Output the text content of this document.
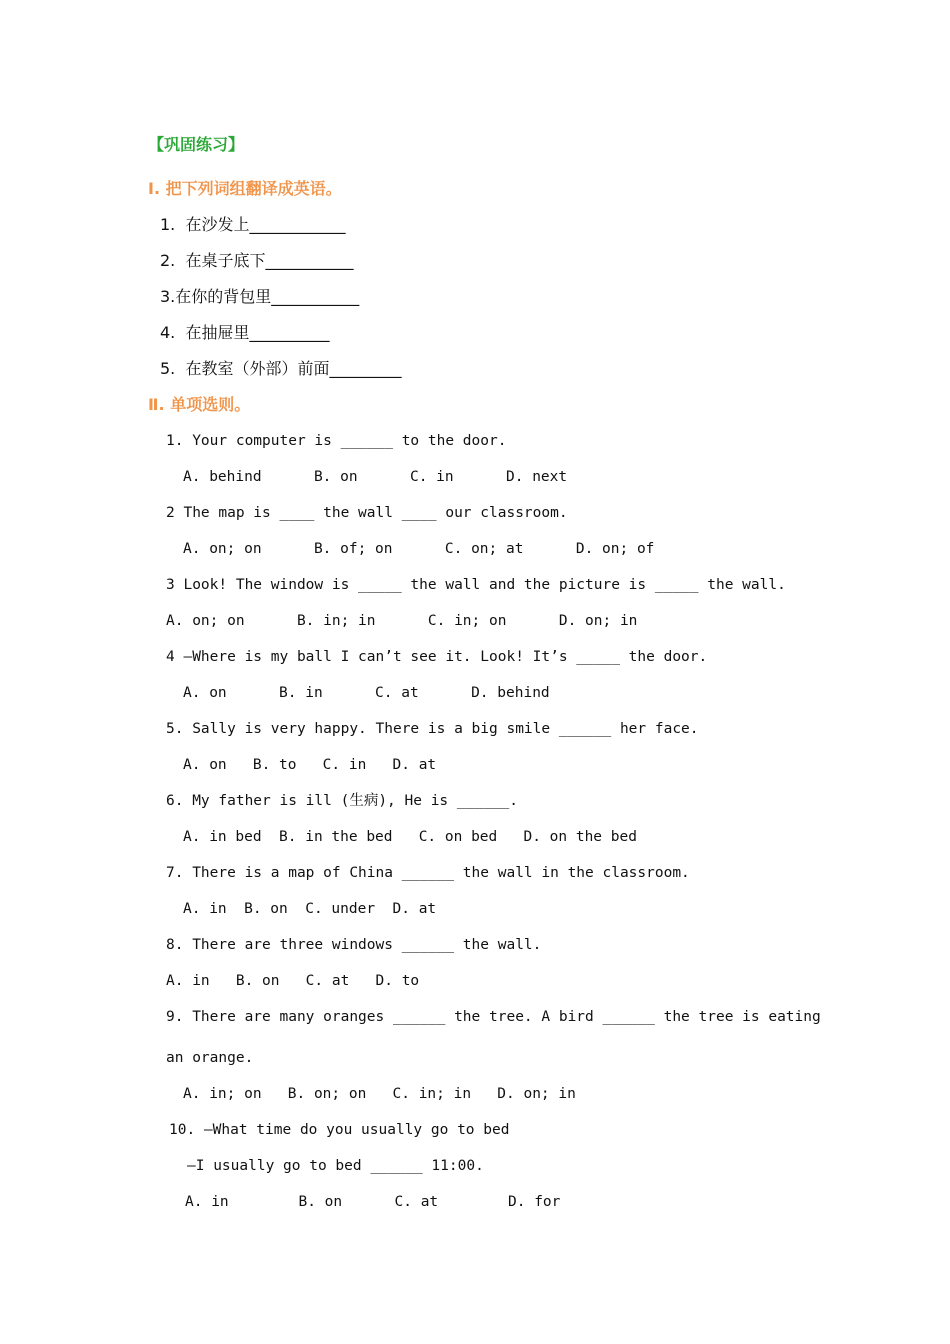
【巩固练习】
Ⅰ. 把下列词组翻译成英语。
1.  在沙发上____________
2.  在桌子底下___________
3.在你的背包里___________
4.  在抽屉里__________
5.  在教室（外部）前面_________
Ⅱ. 单项选则。
1. Your computer is ______ to the door.
A. behind      B. on      C. in      D. next
2 The map is ____ the wall ____ our classroom.
A. on; on      B. of; on      C. on; at      D. on; of
3 Look! The window is _____ the wall and the picture is _____ the wall.
A. on; on      B. in; in      C. in; on      D. on; in
4 —Where is my ball I can’t see it. Look! It’s _____ the door.
A. on      B. in      C. at      D. behind
5. Sally is very happy. There is a big smile ______ her face.
A. on   B. to   C. in   D. at
6. My father is ill (生病), He is ______.
A. in bed  B. in the bed   C. on bed   D. on the bed
7. There is a map of China ______ the wall in the classroom.
A. in  B. on  C. under  D. at
8. There are three windows ______ the wall.
A. in   B. on   C. at   D. to
9. There are many oranges ______ the tree. A bird ______ the tree is eating
an orange.
A. in; on   B. on; on   C. in; in   D. on; in
10. —What time do you usually go to bed
—I usually go to bed ______ 11:00.
A. in        B. on      C. at        D. for
